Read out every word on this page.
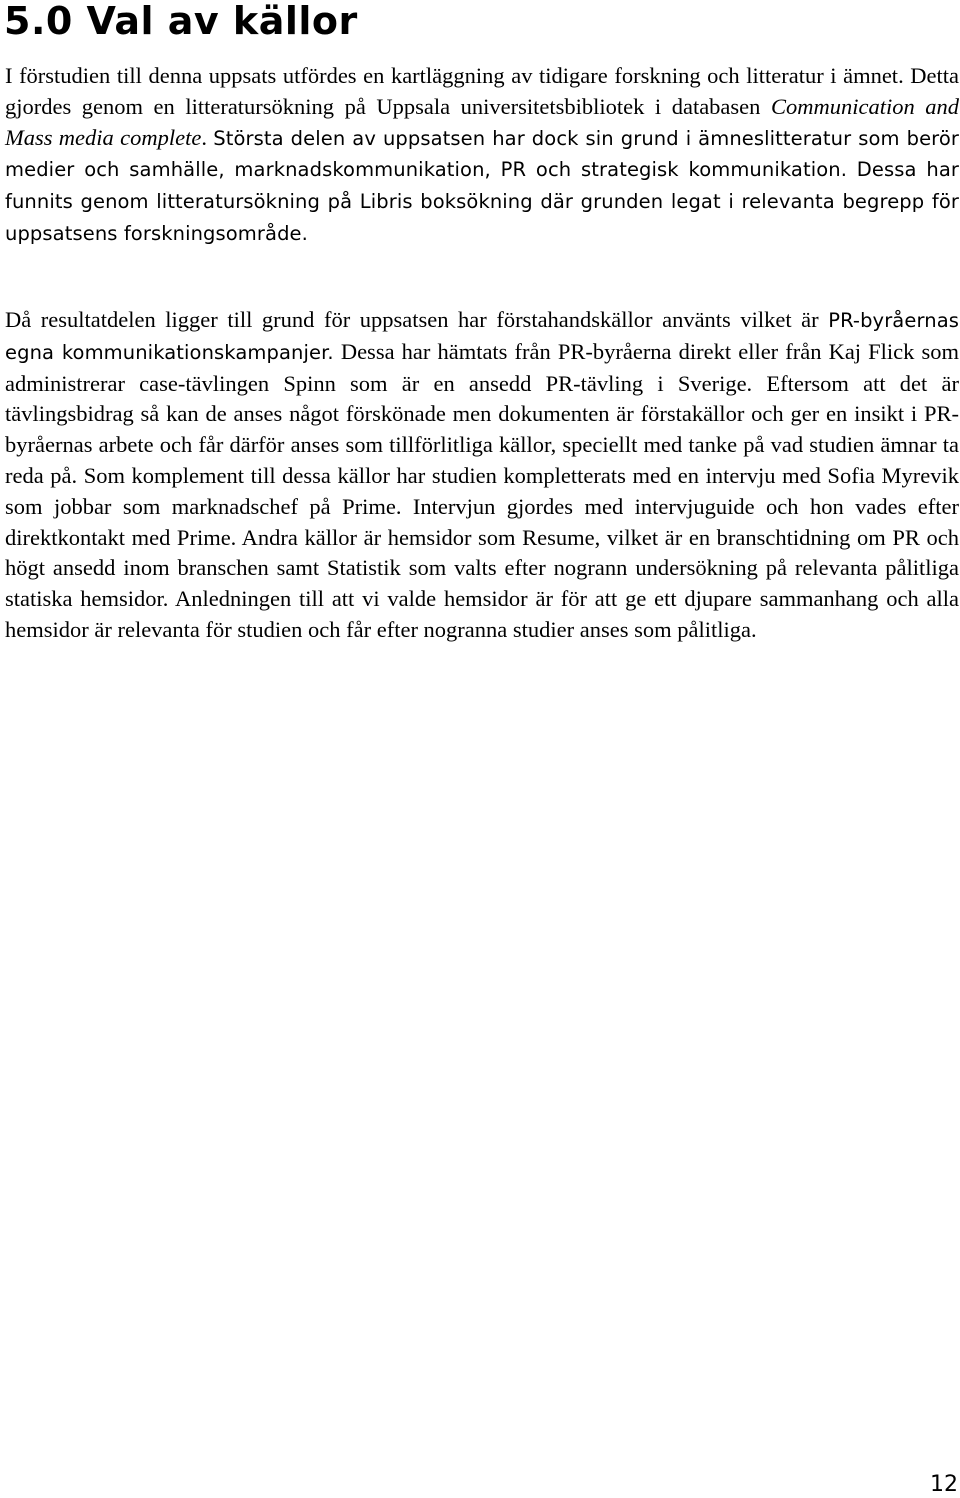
5.0 Val av källor

I förstudien till denna uppsats utfördes en kartläggning av tidigare forskning och litteratur i ämnet. Detta gjordes genom en litteratursökning på Uppsala universitetsbibliotek i databasen Communication and Mass media complete. Största delen av uppsatsen har dock sin grund i ämneslitteratur som berör medier och samhälle, marknadskommunikation, PR och strategisk kommunikation. Dessa har funnits genom litteratursökning på Libris boksökning där grunden legat i relevanta begrepp för uppsatsens forskningsområde.

Då resultatdelen ligger till grund för uppsatsen har förstahandskällor använts vilket är PR-byråernas egna kommunikationskampanjer. Dessa har hämtats från PR-byråerna direkt eller från Kaj Flick som administrerar case-tävlingen Spinn som är en ansedd PR-tävling i Sverige. Eftersom att det är tävlingsbidrag så kan de anses något förskönade men dokumenten är förstakällor och ger en insikt i PR-byråernas arbete och får därför anses som tillförlitliga källor, speciellt med tanke på vad studien ämnar ta reda på. Som komplement till dessa källor har studien kompletterats med en intervju med Sofia Myrevik som jobbar som marknadschef på Prime. Intervjun gjordes med intervjuguide och hon vades efter direktkontakt med Prime. Andra källor är hemsidor som Resume, vilket är en branschtidning om PR och högt ansedd inom branschen samt Statistik som valts efter nogrann undersökning på relevanta pålitliga statiska hemsidor. Anledningen till att vi valde hemsidor är för att ge ett djupare sammanhang och alla hemsidor är relevanta för studien och får efter nogranna studier anses som pålitliga.

12
